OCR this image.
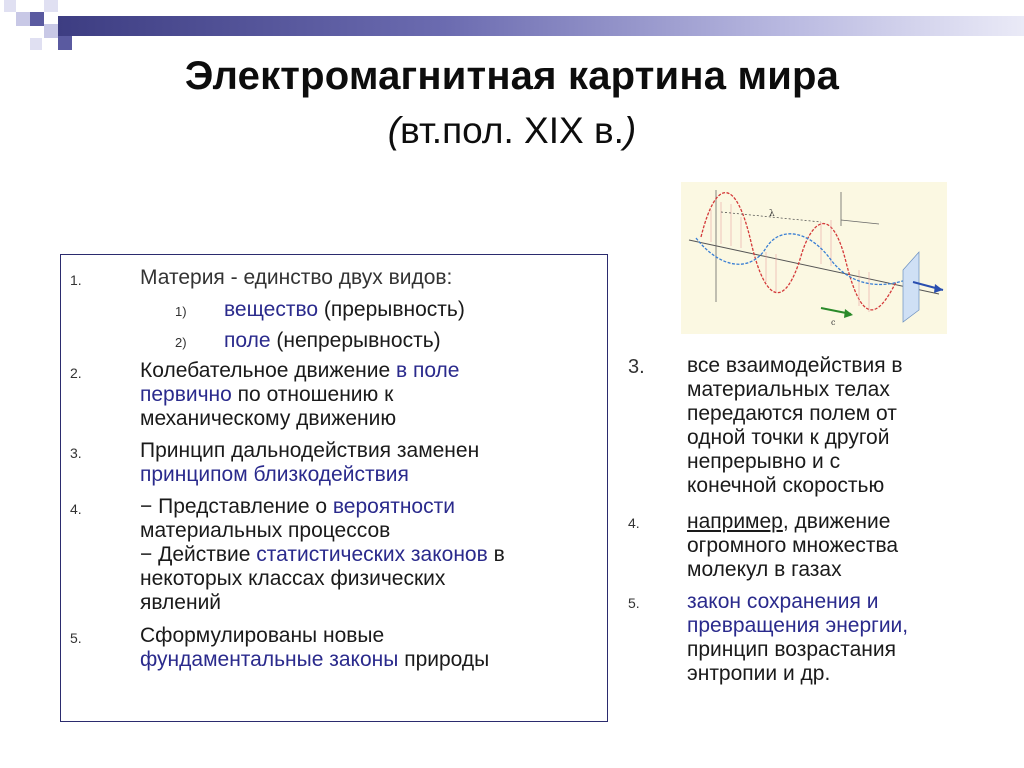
Электромагнитная картина мира
(вт.пол. XIX в.)
1.	Материя - единство двух видов:
1) вещество (прерывность)
2) поле (непрерывность)
2.	Колебательное движение в поле
первично по отношению к
механическому движению
3.	Принцип дальнодействия заменен
принципом близкодействия
4.	− Представление о вероятности
материальных процессов
− Действие статистических законов в
некоторых классах физических
явлений
5.	Сформулированы новые
фундаментальные законы природы
λ
c
3. все взаимодействия в
материальных телах
передаются полем от
одной точки к другой
непрерывно и с
конечной скоростью
4. например, движение
огромного множества
молекул в газах
5. закон сохранения и
превращения энергии,
принцип возрастания
энтропии и др.
